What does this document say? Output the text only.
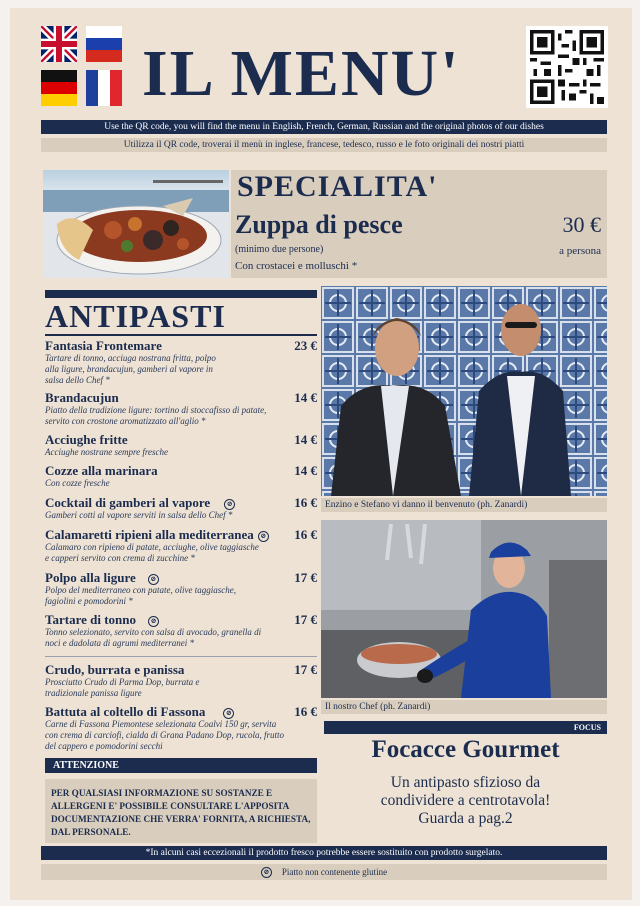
IL MENU'
Use the QR code, you will find the menu in English, French, German, Russian and the original photos of our dishes
Utilizza il QR code, troverai il menù in inglese, francese, tedesco, russo e le foto originali dei nostri piatti
SPECIALITA'
Zuppa di pesce	30 €
(minimo due persone)	a persona
Con crostacei e molluschi *
ANTIPASTI
Fantasia Frontemare	23 €
Tartare di tonno, acciuga nostrana fritta, polpo alla ligure, brandacujun, gamberi al vapore in salsa dello Chef *
Brandacujun	14 €
Piatto della tradizione ligure: tortino di stoccafisso di patate, servito con crostone aromatizzato all'aglio *
Acciughe fritte	14 €
Acciughe nostrane sempre fresche
Cozze alla marinara	14 €
Con cozze fresche
Cocktail di gamberi al vapore ⊘	16 €
Gamberi cotti al vapore serviti in salsa dello Chef *
Calamaretti ripieni alla mediterranea ⊘	16 €
Calamaro con ripieno di patate, acciughe, olive taggiasche e capperi servito con crema di zucchine *
Polpo alla ligure ⊘	17 €
Polpo del mediterraneo con patate, olive taggiasche, fagiolini e pomodorini *
Tartare di tonno ⊘	17 €
Tonno selezionato, servito con salsa di avocado, granella di noci e dadolata di agrumi mediterranei *
Crudo, burrata e panissa	17 €
Prosciutto Crudo di Parma Dop, burrata e tradizionale panissa ligure
Battuta al coltello di Fassona	⊘	16 €
Carne di Fassona Piemontese selezionata Coalvi 150 gr, servita con crema di carciofi, cialda di Grana Padano Dop, rucola, frutto del cappero e pomodorini secchi
ATTENZIONE
PER QUALSIASI INFORMAZIONE SU SOSTANZE E ALLERGENI E' POSSIBILE CONSULTARE L'APPOSITA DOCUMENTAZIONE CHE VERRA' FORNITA, A RICHIESTA, DAL PERSONALE.
Enzino e Stefano vi danno il benvenuto (ph. Zanardi)
Il nostro Chef (ph. Zanardi)
FOCUS
Focacce Gourmet
Un antipasto sfizioso da
condividere a centrotavola!
Guarda a pag.2
*In alcuni casi eccezionali il prodotto fresco potrebbe essere sostituito con prodotto surgelato.
⊘ Piatto non contenente glutine
